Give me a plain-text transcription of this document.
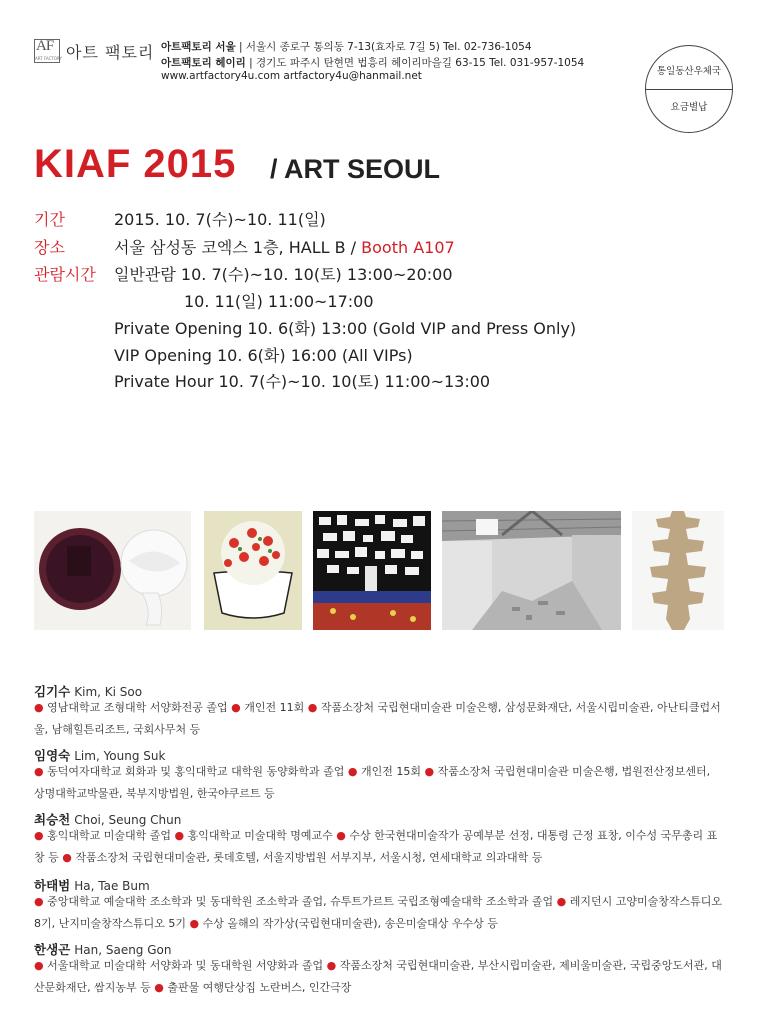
AF
ART FACTORY 아트 팩토리 아트팩토리 서울 | 서울시 종로구 통의동 7-13(효자로 7길 5) Tel. 02-736-1054
아트팩토리 헤이리 | 경기도 파주시 탄현면 법흥리 헤이리마을길 63-15 Tel. 031-957-1054
www.artfactory4u.com artfactory4u@hanmail.net	통일동산우체국
요금별납
KIAF 2015 / ART SEOUL
기간	2015. 10. 7(수)~10. 11(일)
장소	서울 삼성동 코엑스 1층, HALL B / Booth A107
관람시간 일반관람 10. 7(수)~10. 10(토) 13:00~20:00
10. 11(일) 11:00~17:00
Private Opening 10. 6(화) 13:00 (Gold VIP and Press Only)
VIP Opening 10. 6(화) 16:00 (All VIPs)
Private Hour 10. 7(수)~10. 10(토) 11:00~13:00
김기수 Kim, Ki Soo
● 영남대학교 조형대학 서양화전공 졸업 ● 개인전 11회 ● 작품소장처 국립현대미술관 미술은행, 삼성문화재단, 서울시립미술관, 아난티클럽서울, 남해힐튼리조트, 국회사무처 등
임영숙 Lim, Young Suk
● 동덕여자대학교 회화과 및 홍익대학교 대학원 동양화학과 졸업 ● 개인전 15회 ● 작품소장처 국립현대미술관 미술은행, 법원전산정보센터, 상명대학교박물관, 북부지방법원, 한국야쿠르트 등
최승천 Choi, Seung Chun
● 홍익대학교 미술대학 졸업 ● 홍익대학교 미술대학 명예교수 ● 수상 한국현대미술작가 공예부분 선정, 대통령 근정 표창, 이수성 국무총리 표창 등 ● 작품소장처 국립현대미술관, 롯데호텔, 서울지방법원 서부지부, 서울시청, 연세대학교 의과대학 등
하태범 Ha, Tae Bum
● 중앙대학교 예술대학 조소학과 및 동대학원 조소학과 졸업, 슈투트가르트 국립조형예술대학 조소학과 졸업 ● 레지던시 고양미술창작스튜디오 8기, 난지미술창작스튜디오 5기 ● 수상 올해의 작가상(국립현대미술관), 송은미술대상 우수상 등
한생곤 Han, Saeng Gon
● 서울대학교 미술대학 서양화과 및 동대학원 서양화과 졸업 ● 작품소장처 국립현대미술관, 부산시립미술관, 제비울미술관, 국립중앙도서관, 대산문화재단, 쌈지농부 등 ● 출판물 여행단상집 노란버스, 인간극장
